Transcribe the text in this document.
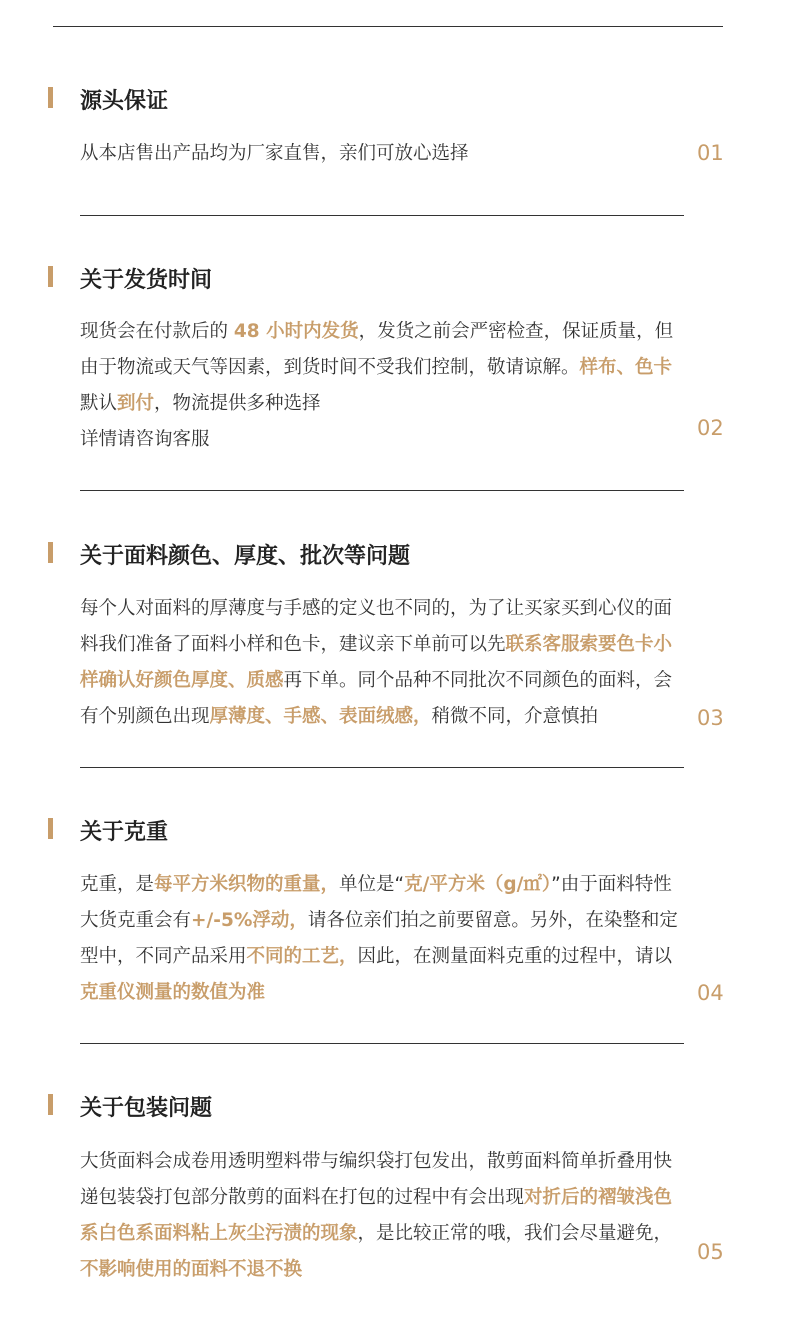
源头保证
从本店售出产品均为厂家直售，亲们可放心选择	01
关于发货时间
现货会在付款后的 48 小时内发货，发货之前会严密检查，保证质量，但由于物流或天气等因素，到货时间不受我们控制，敬请谅解。样布、色卡默认到付，物流提供多种选择
详情请咨询客服	02
关于面料颜色、厚度、批次等问题
每个人对面料的厚薄度与手感的定义也不同的，为了让买家买到心仪的面料我们准备了面料小样和色卡，建议亲下单前可以先联系客服索要色卡小样确认好颜色厚度、质感再下单。同个品种不同批次不同颜色的面料，会有个别颜色出现厚薄度、手感、表面绒感，稍微不同，介意慎拍	03
关于克重
克重，是每平方米织物的重量，单位是“克/平方米（g/㎡）”由于面料特性大货克重会有+/-5%浮动，请各位亲们拍之前要留意。另外，在染整和定型中，不同产品采用不同的工艺，因此，在测量面料克重的过程中，请以克重仪测量的数值为准	04
关于包装问题
大货面料会成卷用透明塑料带与编织袋打包发出，散剪面料简单折叠用快递包装袋打包部分散剪的面料在打包的过程中有会出现对折后的褶皱浅色系白色系面料粘上灰尘污渍的现象，是比较正常的哦，我们会尽量避免，不影响使用的面料不退不换
05
